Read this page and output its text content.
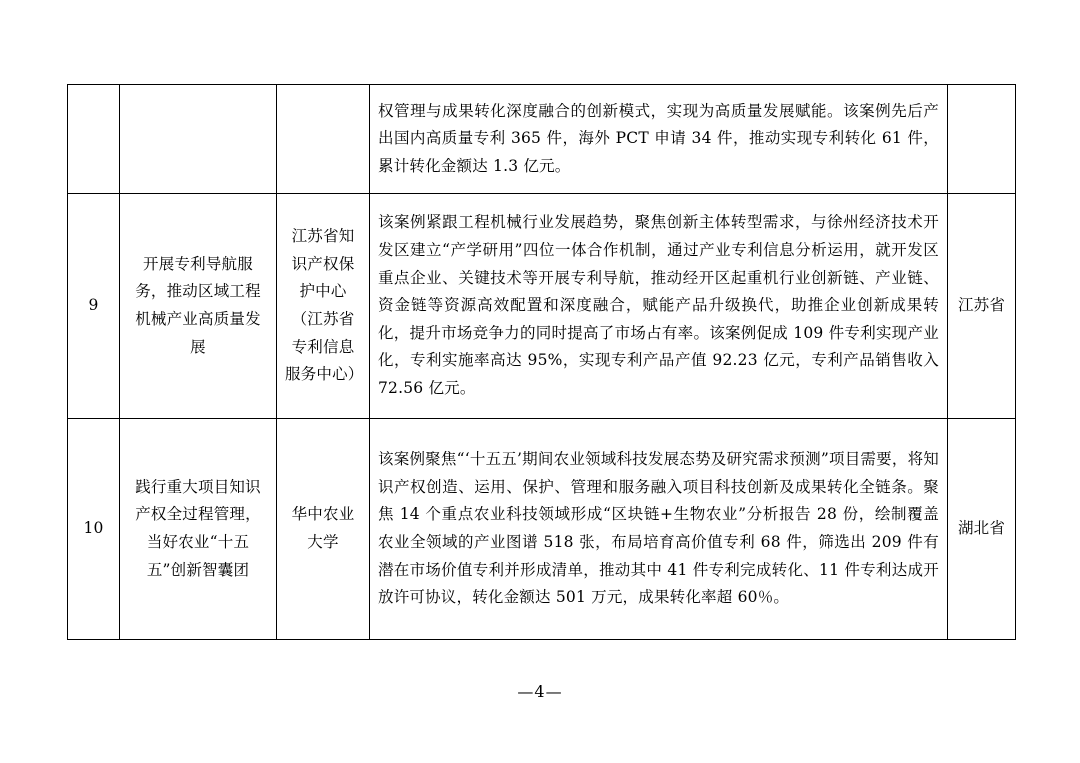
			权管理与成果转化深度融合的创新模式，实现为高质量发展赋能。该案例先后产出国内高质量专利 365 件，海外 PCT 申请 34 件，推动实现专利转化 61 件，累计转化金额达 1.3 亿元。	
9	开展专利导航服务，推动区域工程机械产业高质量发展	江苏省知识产权保护中心（江苏省专利信息服务中心）	该案例紧跟工程机械行业发展趋势，聚焦创新主体转型需求，与徐州经济技术开发区建立“产学研用”四位一体合作机制，通过产业专利信息分析运用，就开发区重点企业、关键技术等开展专利导航，推动经开区起重机行业创新链、产业链、资金链等资源高效配置和深度融合，赋能产品升级换代，助推企业创新成果转化，提升市场竞争力的同时提高了市场占有率。该案例促成 109 件专利实现产业化，专利实施率高达 95%，实现专利产品产值 92.23 亿元，专利产品销售收入 72.56 亿元。	江苏省
10	践行重大项目知识产权全过程管理，当好农业“十五五”创新智囊团	华中农业大学	该案例聚焦“‘十五五’期间农业领域科技发展态势及研究需求预测”项目需要，将知识产权创造、运用、保护、管理和服务融入项目科技创新及成果转化全链条。聚焦 14 个重点农业科技领域形成“区块链+生物农业”分析报告 28 份，绘制覆盖农业全领域的产业图谱 518 张，布局培育高价值专利 68 件，筛选出 209 件有潜在市场价值专利并形成清单，推动其中 41 件专利完成转化、11 件专利达成开放许可协议，转化金额达 501 万元，成果转化率超 60％。	湖北省
—4—
